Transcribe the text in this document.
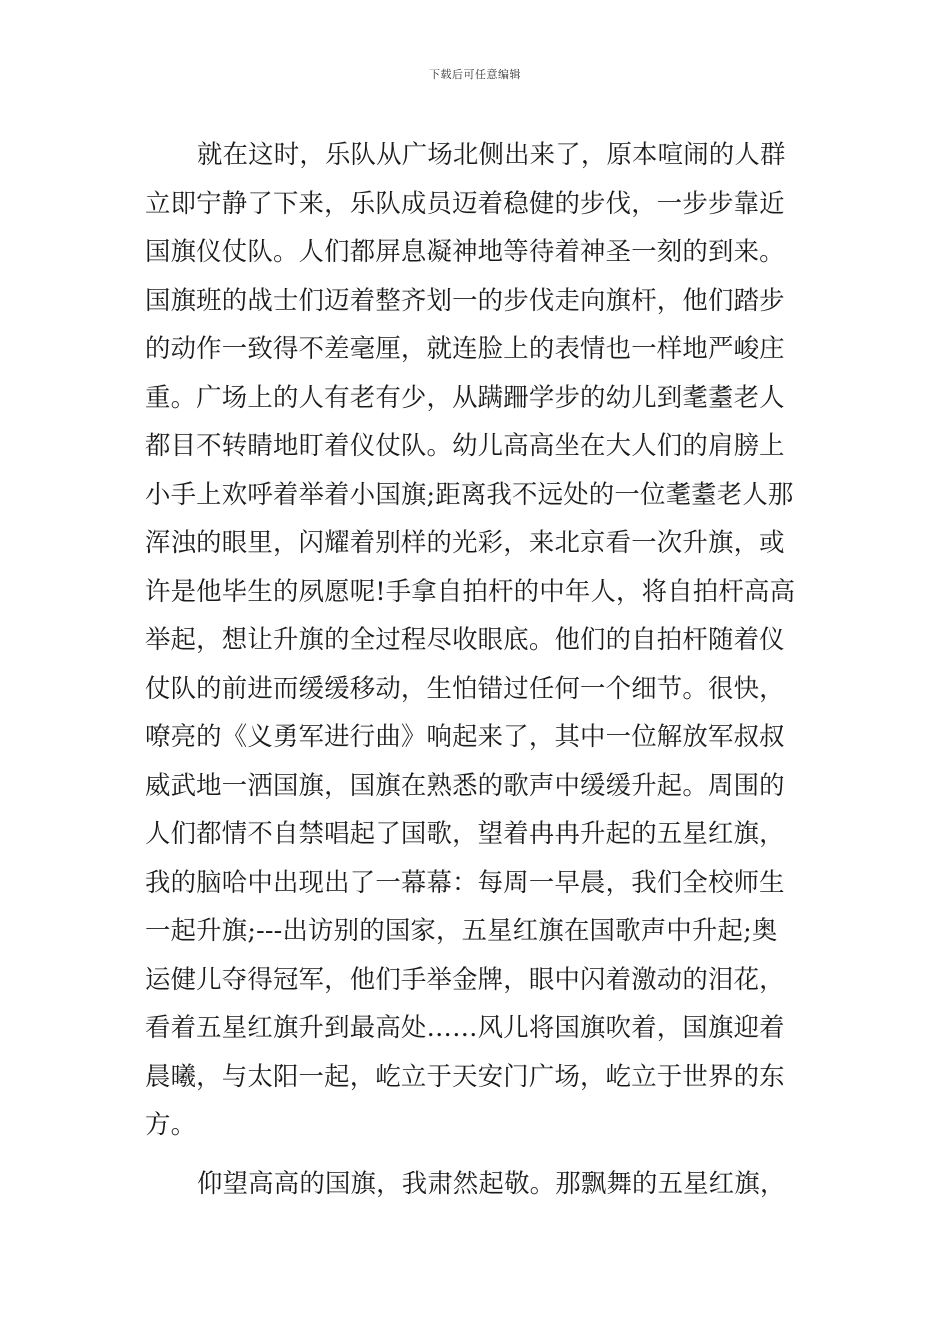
下载后可任意编辑
就在这时，乐队从广场北侧出来了，原本喧闹的人群
立即宁静了下来，乐队成员迈着稳健的步伐，一步步靠近
国旗仪仗队。人们都屏息凝神地等待着神圣一刻的到来。
国旗班的战士们迈着整齐划一的步伐走向旗杆，他们踏步
的动作一致得不差毫厘，就连脸上的表情也一样地严峻庄
重。广场上的人有老有少，从蹒跚学步的幼儿到耄耋老人
都目不转睛地盯着仪仗队。幼儿高高坐在大人们的肩膀上
小手上欢呼着举着小国旗;距离我不远处的一位耄耋老人那
浑浊的眼里，闪耀着别样的光彩，来北京看一次升旗，或
许是他毕生的夙愿呢!手拿自拍杆的中年人，将自拍杆高高
举起，想让升旗的全过程尽收眼底。他们的自拍杆随着仪
仗队的前进而缓缓移动，生怕错过任何一个细节。很快，
嘹亮的《义勇军进行曲》响起来了，其中一位解放军叔叔
威武地一洒国旗，国旗在熟悉的歌声中缓缓升起。周围的
人们都情不自禁唱起了国歌，望着冉冉升起的五星红旗，
我的脑哈中出现出了一幕幕：每周一早晨，我们全校师生
一起升旗;---出访别的国家，五星红旗在国歌声中升起;奥
运健儿夺得冠军，他们手举金牌，眼中闪着激动的泪花，
看着五星红旗升到最高处……风儿将国旗吹着，国旗迎着
晨曦，与太阳一起，屹立于天安门广场，屹立于世界的东
方。
仰望高高的国旗，我肃然起敬。那飘舞的五星红旗，
